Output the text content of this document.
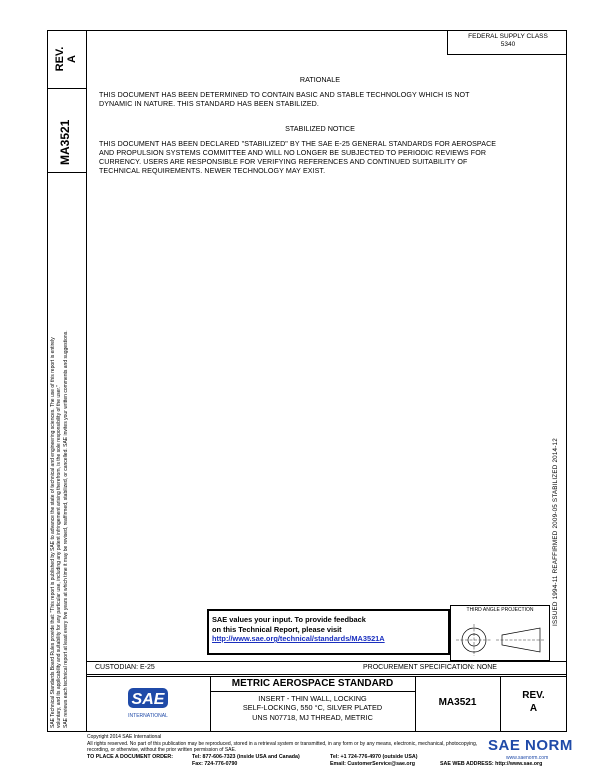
REV. A
MA3521
SAE Technical Standards Board Rules provide that: "This report is published by SAE to advance the state of technical and engineering sciences. The use of this report is entirely voluntary, and its applicability and suitability for any particular use, including any patent infringement arising therefrom, is the sole responsibility of the user." SAE reviews each technical report at least every five years at which time it may be revised, reaffirmed, stabilized, or cancelled. SAE invites your written comments and suggestions.
FEDERAL SUPPLY CLASS
5340
RATIONALE
THIS DOCUMENT HAS BEEN DETERMINED TO CONTAIN BASIC AND STABLE TECHNOLOGY WHICH IS NOT
DYNAMIC IN NATURE. THIS STANDARD HAS BEEN STABILIZED.
STABILIZED NOTICE
THIS DOCUMENT HAS BEEN DECLARED "STABILIZED" BY THE SAE E-25 GENERAL STANDARDS FOR AEROSPACE
AND PROPULSION SYSTEMS COMMITTEE AND WILL NO LONGER BE SUBJECTED TO PERIODIC REVIEWS FOR
CURRENCY. USERS ARE RESPONSIBLE FOR VERIFYING REFERENCES AND CONTINUED SUITABILITY OF
TECHNICAL REQUIREMENTS. NEWER TECHNOLOGY MAY EXIST.
ISSUED 1994-11 REAFFIRMED 2009-05 STABILIZED 2014-12
SAE values your input. To provide feedback
on this Technical Report, please visit
http://www.sae.org/technical/standards/MA3521A
THIRD ANGLE PROJECTION
CUSTODIAN: E-25	PROCUREMENT SPECIFICATION: NONE
SAE
INTERNATIONAL
METRIC AEROSPACE STANDARD
INSERT - THIN WALL, LOCKING
SELF-LOCKING, 550 °C, SILVER PLATED
UNS N07718, MJ THREAD, METRIC
MA3521
REV.
A
Copyright 2014 SAE International
All rights reserved. No part of this publication may be reproduced, stored in a retrieval system or transmitted, in any form or by any means, electronic, mechanical, photocopying,
recording, or otherwise, without the prior written permission of SAE.
TO PLACE A DOCUMENT ORDER:	Tel: 877-606-7323 (inside USA and Canada)
Fax: 724-776-0790
Tel: +1 724-776-4970 (outside USA)
Email: CustomerService@sae.org	SAE WEB ADDRESS: http://www.sae.org
SAE NORM
www.saenorm.com
